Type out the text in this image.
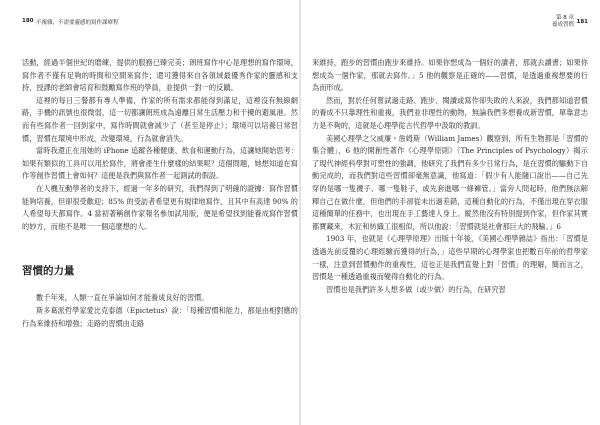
180 不複雜，不需要靈感的寫作課療程

活動，經過半個世紀的磨練，提供的服務已臻完美；朗班寫作中心是理想的寫作環境，寫作者不僅有足夠的時間和空間來寫作；還可獲得來自各領域最優秀作家的靈感和支持，授課的老師會培育和鼓勵寫作班的學員，並提供一對一的反饋。

這裡的每日三餐都有專人準備，作家的所有需求都能得到滿足，這裡沒有無線網路，手機的訊號也很微弱，這一切都讓朗班成為遠離日常生活壓力和干擾的避風港。然而有些寫作者一回到家中，寫作時間就會減少了（甚至是停止）；環境可以培養日常習慣，習慣在環境中形成，改變環境，行為就會消失。

當時我還正在用她的 iPhone 追蹤各種健康、飲食和運動行為，這讓她開始思考：如果有類似的工具可以用於寫作，將會產生什麼樣的結果呢？這個問題，她想知道在寫作等創作習慣上會如何？這便是我們與寫作者一起測試的假設。

在人機互動學者的支持下，經過一年多的研究，我們得到了明確的證據：寫作習慣能夠培養，但卻很受歡迎；85% 的受訪者希望更有規律地寫作，且其中有高達 90% 的人希望每天都寫作。4 當初著稱創作家報名參加試用版，便是希望找到能養成寫作習慣的妙方，而他不是唯一一個這麼想的人。

習慣的力量

數千年來，人類一直在爭論如何才能養成良好的習慣。

斯多葛派哲學家愛比克泰德（Epictetus）說：「每種習慣和能力，都是由相對應的行為來維持和增強；走路的習慣由走路

第 8 章
養成習慣 181

來維持，跑步的習慣由跑步來維持。如果你想成為一個好的讀者，那就去讀書；如果你想成為一個作家，那就去寫作。」5 他的觀察是正確的——習慣，是透過重複想要的行為而形成。

然而，對於任何嘗試過走路、跑步、閱讀或寫作卻失敗的人來說，我們都知道習慣的養成不只靠理性和重複，我們並非理性的動物，無論我們多想養成新習慣，單靠意志力是不夠的，這就是心理學從古代哲學中汲取的教訓。

美國心理學之父威廉・詹姆斯（William James）觀察到，所有生物都是「習慣的集合體」，6 他的開創性著作《心理學原則》（The Principles of Psychology）揭示了現代神經科學對可塑性的強調，他研究了我們有多少日常行為，是在習慣的驅動下自動完成的，而我們對這些習慣卻毫無意識，他寫道：「假少有人能隨口說出——自己先穿的是哪一隻襪子、哪一隻鞋子，或先套進哪一條褲管。」當旁人問起時，他們無法解釋自己在做什麼，但他們的手卻從未出過差錯，這種自動化的行為，不僅出現在穿衣服這種簡單的任務中，也出現在手工藝達人身上。縱然他沒有特別提到作家，但作家其實都寶藏來，木匠和紡織工很相似，所以他說：「習慣就是社會那巨大的飛輪。」6

1903 年，也就是《心理學原理》出版十年後，《美國心理學雜誌》指出：「習慣是透過先前反覆的心理經驗而獲得的行為，」這些早期的心理學家也把數百年前的哲學家一樣，注意到習慣動作的重複性，這也正是我們直覺上對「習慣」的理解，簡而言之，習慣是一種透過重複而變得自動化的行為。

習慣也是我們許多人想多做（或少做）的行為，在研究習
